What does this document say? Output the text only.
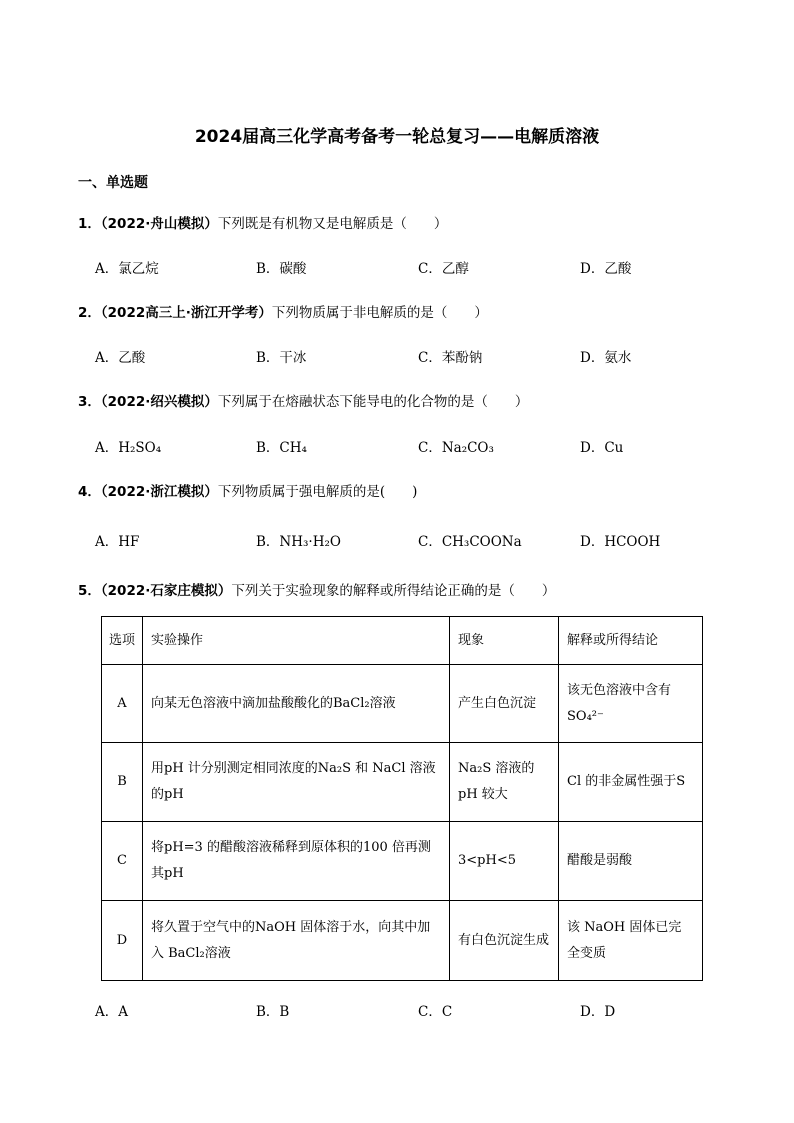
2024届高三化学高考备考一轮总复习——电解质溶液
一、单选题
1．（2022·舟山模拟）下列既是有机物又是电解质是（　　）
A．氯乙烷	B．碳酸	C．乙醇	D．乙酸
2．（2022高三上·浙江开学考）下列物质属于非电解质的是（　　）
A．乙酸	B．干冰	C．苯酚钠	D．氨水
3．（2022·绍兴模拟）下列属于在熔融状态下能导电的化合物的是（　　）
A．H₂SO₄	B．CH₄	C．Na₂CO₃	D．Cu
4．（2022·浙江模拟）下列物质属于强电解质的是(　　)
A．HF	B．NH₃·H₂O	C．CH₃COONa	D．HCOOH
5．（2022·石家庄模拟）下列关于实验现象的解释或所得结论正确的是（　　）
选项	实验操作	现象	解释或所得结论
A	向某无色溶液中滴加盐酸酸化的BaCl₂溶液	产生白色沉淀	该无色溶液中含有SO₄²⁻
B	用pH 计分别测定相同浓度的Na₂S 和 NaCl 溶液的pH	Na₂S 溶液的pH 较大	Cl 的非金属性强于S
C	将pH=3 的醋酸溶液稀释到原体积的100 倍再测其pH	3<pH<5	醋酸是弱酸
D	将久置于空气中的NaOH 固体溶于水，向其中加入 BaCl₂溶液	有白色沉淀生成	该 NaOH 固体已完全变质
A．A	B．B	C．C	D．D
